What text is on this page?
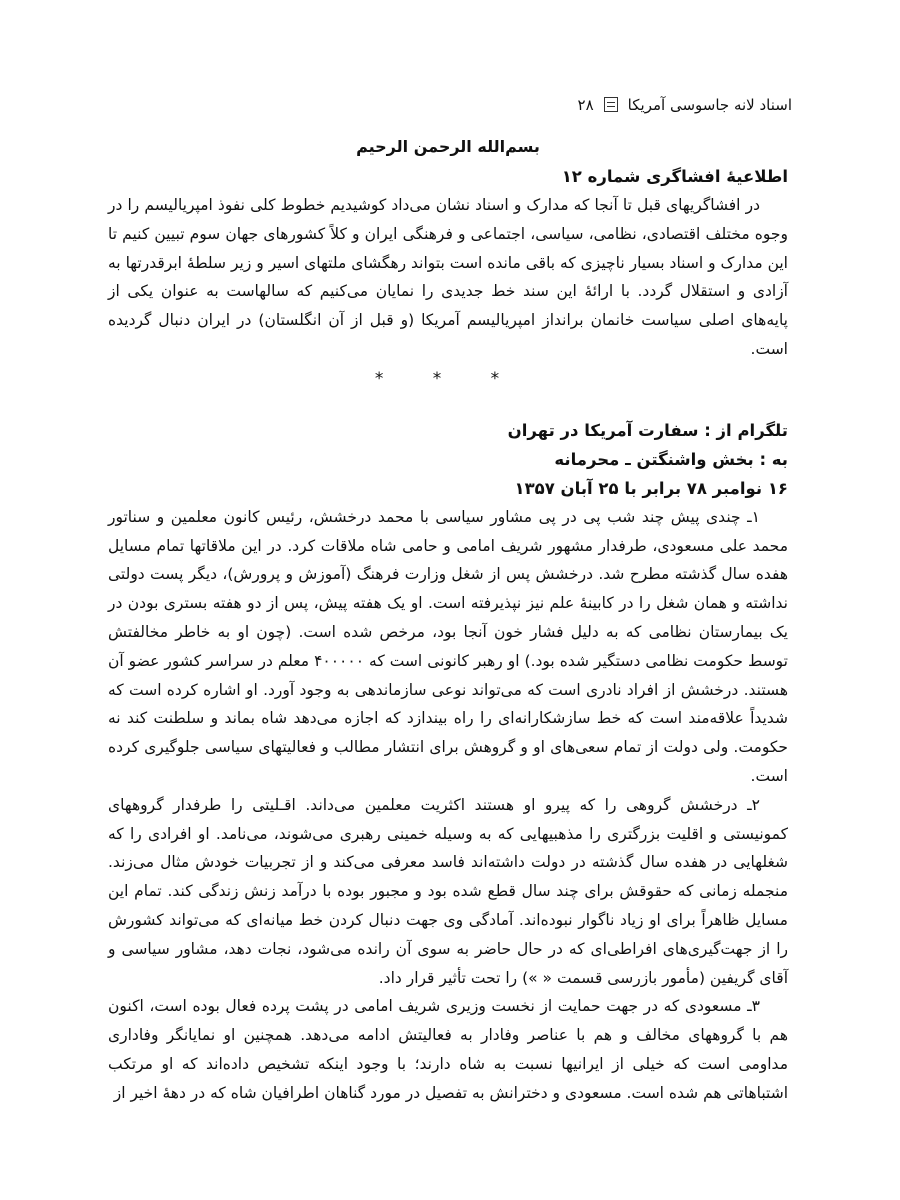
اسناد لانه جاسوسی آمریکا۲۸
بسم‌الله الرحمن الرحیم
اطلاعیهٔ افشاگری شماره ۱۲

در افشاگریهای قبل تا آنجا که مدارک و اسناد نشان می‌داد کوشیدیم خطوط کلی نفوذ امپریالیسم را در وجوه مختلف اقتصادی، نظامی، سیاسی، اجتماعی و فرهنگی ایران و کلاً کشورهای جهان سوم تبیین کنیم تا این مدارک و اسناد بسیار ناچیزی که باقی مانده است بتواند رهگشای ملتهای اسیر و زیر سلطهٔ ابرقدرتها به آزادی و استقلال گردد. با ارائهٔ این سند خط جدیدی را نمایان می‌کنیم که سالهاست به عنوان یکی از پایه‌های اصلی سیاست خانمان برانداز امپریالیسم آمریکا (و قبل از آن انگلستان) در ایران دنبال گردیده است.

* * *
تلگرام از : سفارت آمریکا در تهران
به : بخش واشنگتن ـ محرمانه
۱۶ نوامبر ۷۸ برابر با ۲۵ آبان ۱۳۵۷

۱ـ چندی پیش چند شب پی در پی مشاور سیاسی با محمد درخشش، رئیس کانون معلمین و سناتور محمد علی مسعودی، طرفدار مشهور شریف امامی و حامی شاه ملاقات کرد. در این ملاقاتها تمام مسایل هفده سال گذشته مطرح شد. درخشش پس از شغل وزارت فرهنگ (آموزش و پرورش)، دیگر پست دولتی نداشته و همان شغل را در کابینهٔ علم نیز نپذیرفته است. او یک هفته پیش، پس از دو هفته بستری بودن در یک بیمارستان نظامی که به دلیل فشار خون آنجا بود، مرخص شده است. (چون او به خاطر مخالفتش توسط حکومت نظامی دستگیر شده بود.) او رهبر کانونی است که ۴۰۰۰۰۰ معلم در سراسر کشور عضو آن هستند. درخشش از افراد نادری است که می‌تواند نوعی سازماندهی به وجود آورد. او اشاره کرده است که شدیداً علاقه‌مند است که خط سازشکارانه‌ای را راه بیندازد که اجازه می‌دهد شاه بماند و سلطنت کند نه حکومت. ولی دولت از تمام سعی‌های او و گروهش برای انتشار مطالب و فعالیتهای سیاسی جلوگیری کرده است.

۲ـ درخشش گروهی را که پیرو او هستند اکثریت معلمین می‌داند. اقـلیتی را طرفدار گروههای کمونیستی و اقلیت بزرگتری را مذهبیهایی که به وسیله خمینی رهبری می‌شوند، می‌نامد. او افرادی را که شغلهایی در هفده سال گذشته در دولت داشته‌اند فاسد معرفی می‌کند و از تجربیات خودش مثال می‌زند. منجمله زمانی که حقوقش برای چند سال قطع شده بود و مجبور بوده با درآمد زنش زندگی کند. تمام این مسایل ظاهراً برای او زیاد ناگوار نبوده‌اند. آمادگی وی جهت دنبال کردن خط میانه‌ای که می‌تواند کشورش را از جهت‌گیری‌های افراطی‌ای که در حال حاضر به سوی آن رانده می‌شود، نجات دهد، مشاور سیاسی و آقای گریفین (مأمور بازرسی قسمت « ») را تحت تأثیر قرار داد.

۳ـ مسعودی که در جهت حمایت از نخست وزیری شریف امامی در پشت پرده فعال بوده است، اکنون هم با گروههای مخالف و هم با عناصر وفادار به فعالیتش ادامه می‌دهد. همچنین او نمایانگر وفاداری مداومی است که خیلی از ایرانیها نسبت به شاه دارند؛ با وجود اینکه تشخیص داده‌اند که او مرتکب اشتباهاتی هم شده است. مسعودی و دخترانش به تفصیل در مورد گناهان اطرافیان شاه که در دههٔ اخیر از
